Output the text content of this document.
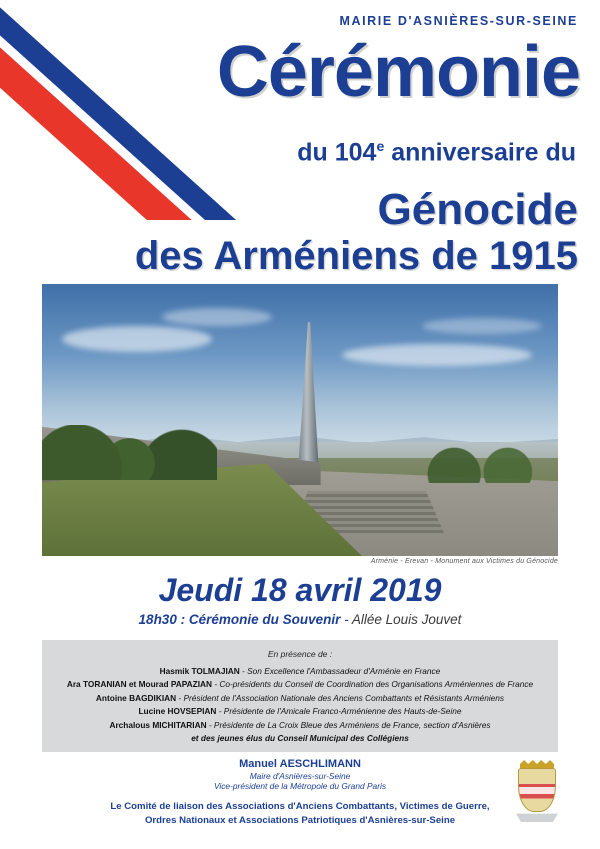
MAIRIE D'ASNIÈRES-SUR-SEINE
Cérémonie
du 104e anniversaire du
Génocide
des Arméniens de 1915
Arménie - Erevan - Monument aux Victimes du Génocide
Jeudi 18 avril 2019
18h30 : Cérémonie du Souvenir - Allée Louis Jouvet
En présence de :
Hasmik TOLMAJIAN - Son Excellence l'Ambassadeur d'Arménie en France
Ara TORANIAN et Mourad PAPAZIAN - Co-présidents du Conseil de Coordination des Organisations Arméniennes de France
Antoine BAGDIKIAN - Président de l'Association Nationale des Anciens Combattants et Résistants Arméniens
Lucine HOVSEPIAN - Présidente de l'Amicale Franco-Arménienne des Hauts-de-Seine
Archalous MICHITARIAN - Présidente de La Croix Bleue des Arméniens de France, section d'Asnières
et des jeunes élus du Conseil Municipal des Collégiens
Manuel AESCHLIMANN
Maire d'Asnières-sur-Seine
Vice-président de la Métropole du Grand Paris
Le Comité de liaison des Associations d'Anciens Combattants, Victimes de Guerre,
Ordres Nationaux et Associations Patriotiques d'Asnières-sur-Seine
